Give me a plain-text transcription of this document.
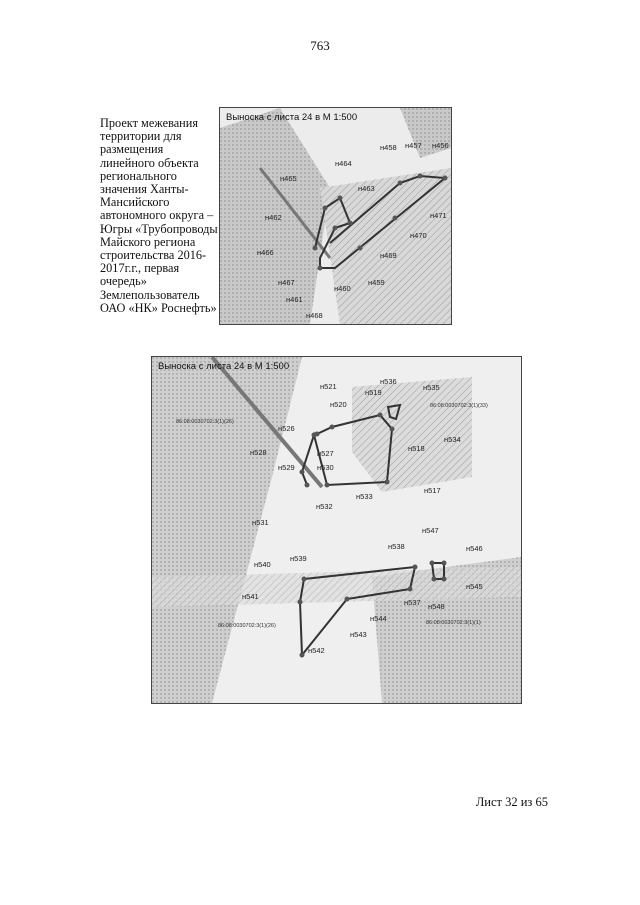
763
Проект межевания территории для размещения линейного объекта регионального значения Ханты-Мансийского автономного округа – Югры «Трубопроводы Майского региона строительства 2016-2017г.г., первая очередь» Землепользователь ОАО «НК» Роснефть»
н464
н458 н457 н456
н465
н463
н462	н471
н466
н470
н469
н467	н459
н460
н461
н468
Выноска с листа 24 в М 1:500
н521
н536
н535
н519
н520
н526
н518
н534
н528	н527
н529	н530
н531
н517
н533
н532
н547
н538	н546
н539
н540
н545
н541
н537 н548
н544
н543
н542
86:08:0030702:3(1)(26)
86:08:0030702:3(1)(33)
86:08:0030702:3(1)(26)	86:08:0030702:3(1)(1)
Выноска с листа 24 в М 1:500
Лист 32 из 65
